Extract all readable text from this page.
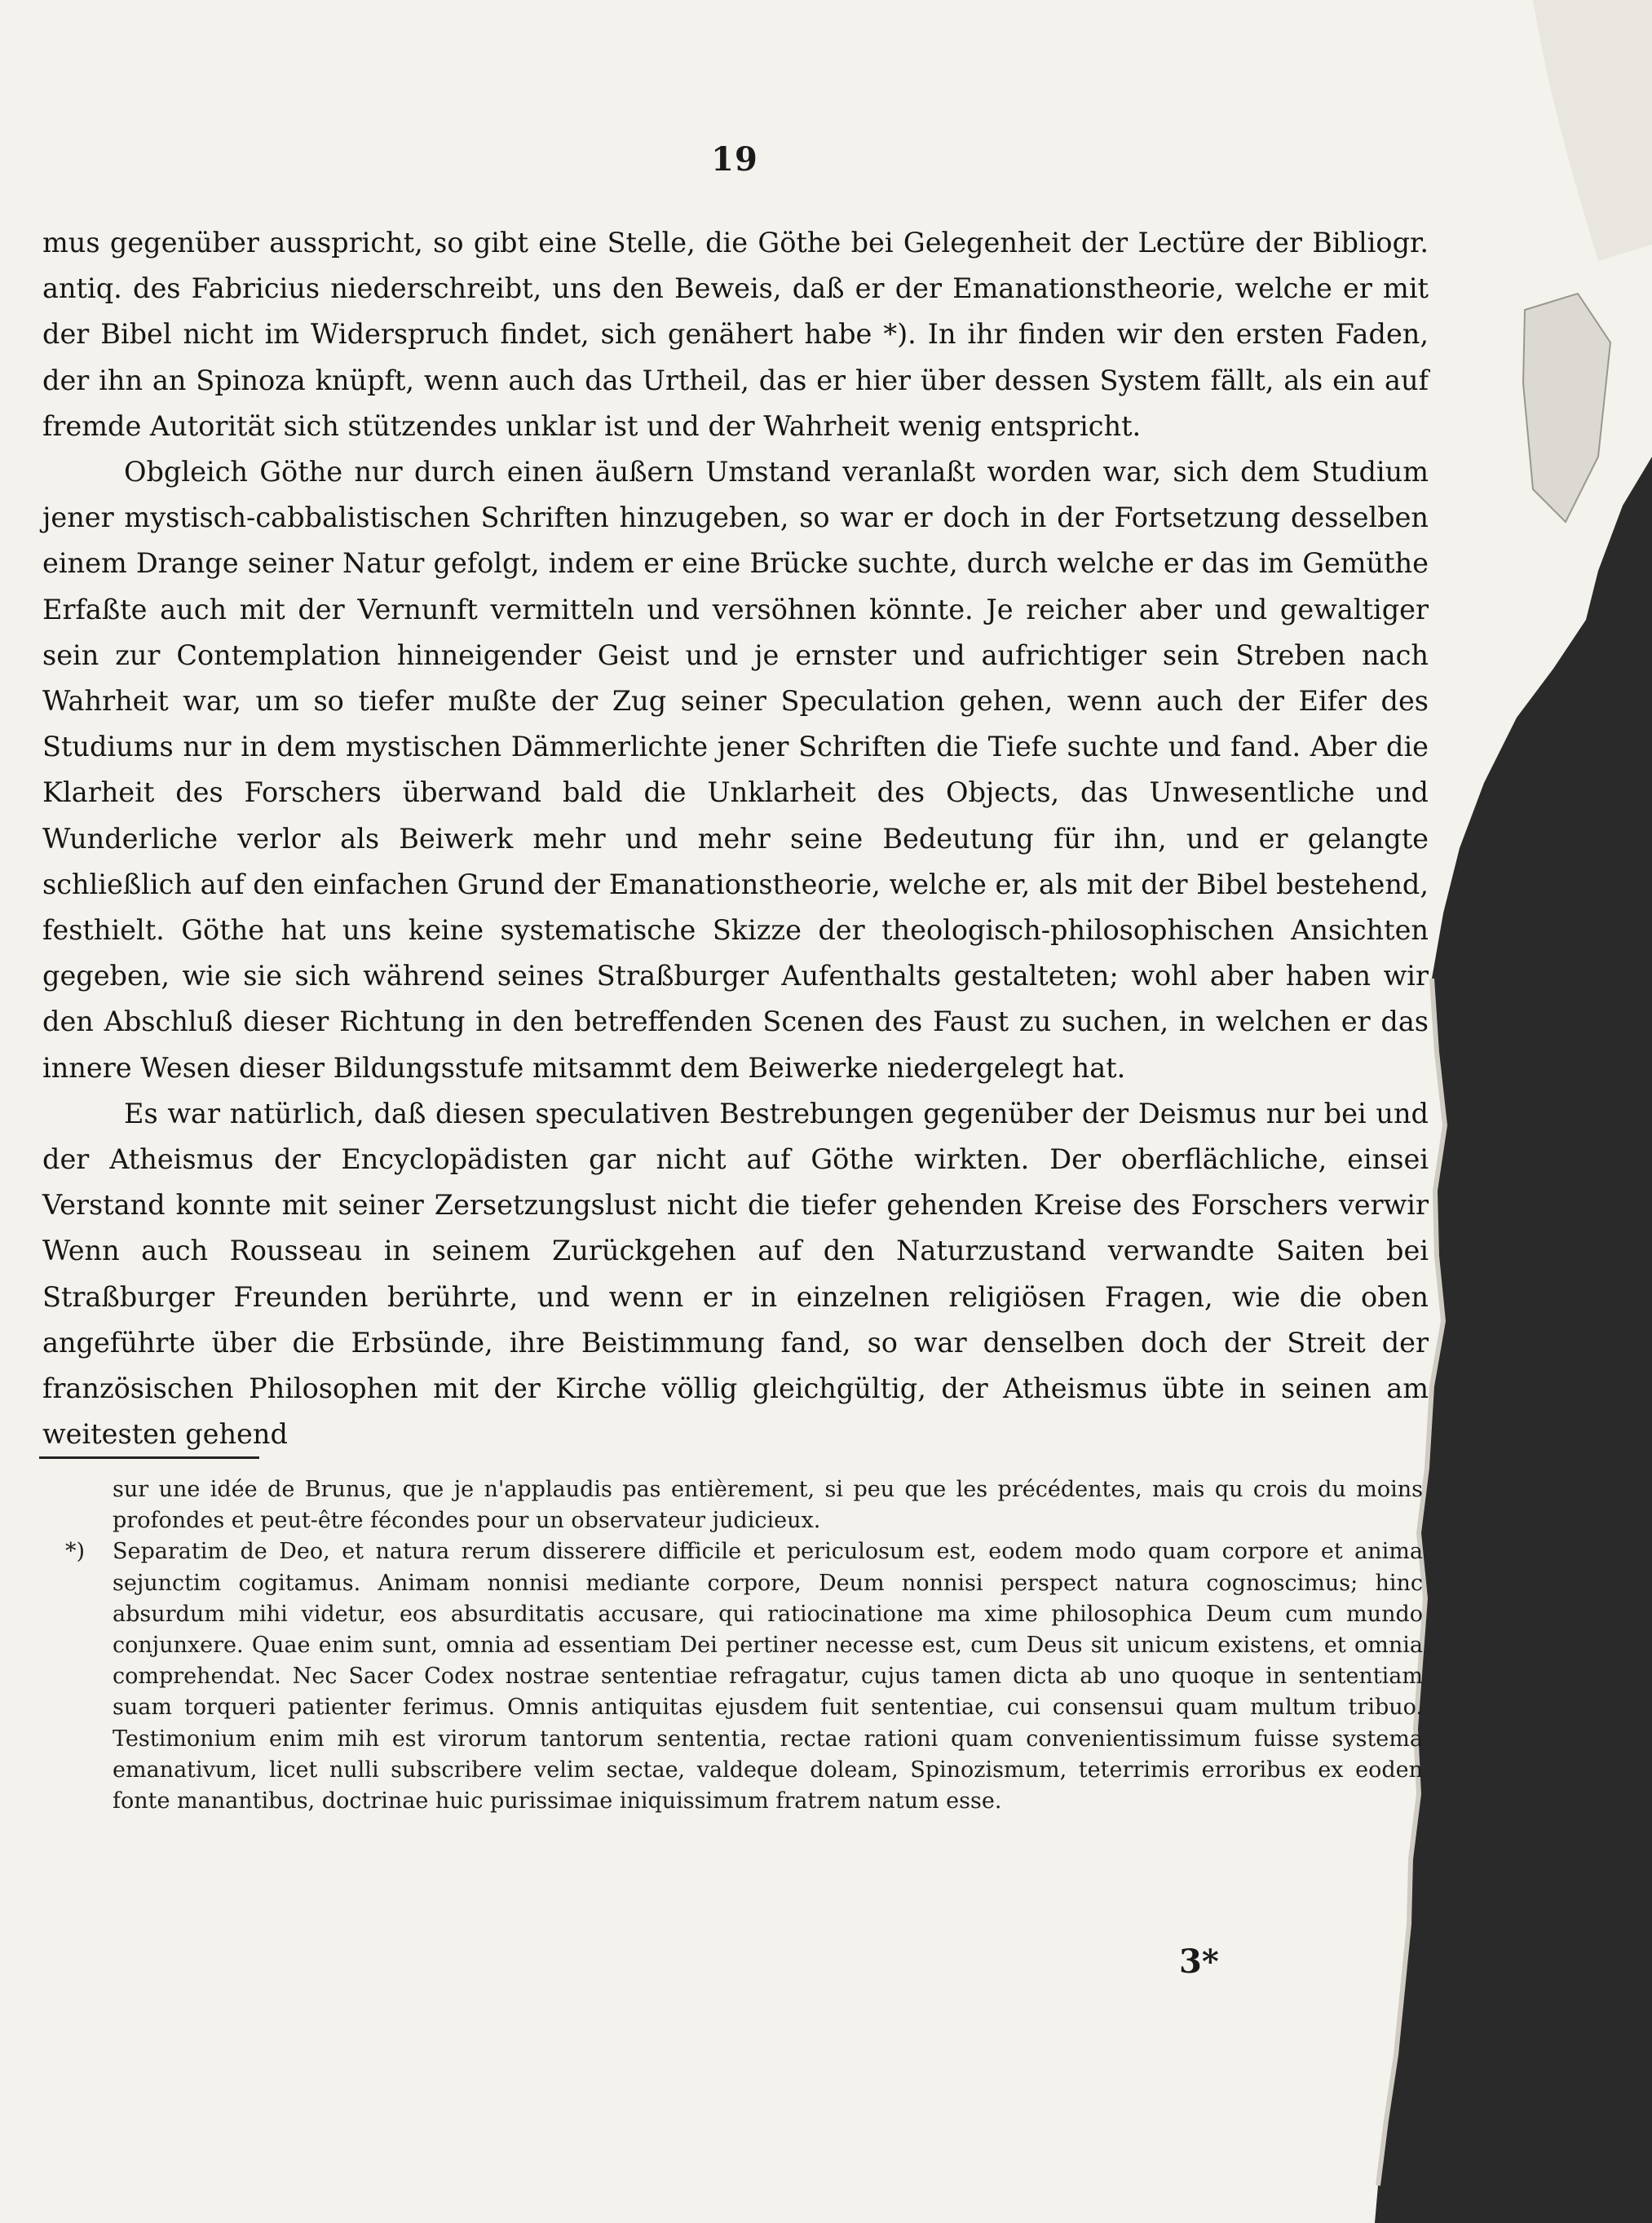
19

mus gegenüber ausspricht, so gibt eine Stelle, die Göthe bei Gelegenheit der Lectüre der Bibliogr. antiq. des Fabricius niederschreibt, uns den Beweis, daß er der Emanationstheorie, welche er mit der Bibel nicht im Widerspruch findet, sich genähert habe *). In ihr finden wir den ersten Faden, der ihn an Spinoza knüpft, wenn auch das Urtheil, das er hier über dessen System fällt, als ein auf fremde Autorität sich stützendes unklar ist und der Wahrheit wenig entspricht.

Obgleich Göthe nur durch einen äußern Umstand veranlaßt worden war, sich dem Studium jener mystisch-cabbalistischen Schriften hinzugeben, so war er doch in der Fortsetzung desselben einem Drange seiner Natur gefolgt, indem er eine Brücke suchte, durch welche er das im Gemüthe Erfaßte auch mit der Vernunft vermitteln und versöhnen könnte. Je reicher aber und gewaltiger sein zur Contemplation hinneigender Geist und je ernster und aufrichtiger sein Streben nach Wahrheit war, um so tiefer mußte der Zug seiner Speculation gehen, wenn auch der Eifer des Studiums nur in dem mystischen Dämmerlichte jener Schriften die Tiefe suchte und fand. Aber die Klarheit des Forschers überwand bald die Unklarheit des Objects, das Unwesentliche und Wunderliche verlor als Beiwerk mehr und mehr seine Bedeutung für ihn, und er gelangte schließlich auf den einfachen Grund der Emanationstheorie, welche er, als mit der Bibel bestehend, festhielt. Göthe hat uns keine systematische Skizze der theologisch-philosophischen Ansichten gegeben, wie sie sich während seines Straßburger Aufenthalts gestalteten; wohl aber haben wir den Abschluß dieser Richtung in den betreffenden Scenen des Faust zu suchen, in welchen er das innere Wesen dieser Bildungsstufe mitsammt dem Beiwerke niedergelegt hat.

Es war natürlich, daß diesen speculativen Bestrebungen gegenüber der Deismus nur bei und der Atheismus der Encyclopädisten gar nicht auf Göthe wirkten. Der oberflächliche, einsei Verstand konnte mit seiner Zersetzungslust nicht die tiefer gehenden Kreise des Forschers verwir Wenn auch Rousseau in seinem Zurückgehen auf den Naturzustand verwandte Saiten bei Straßburger Freunden berührte, und wenn er in einzelnen religiösen Fragen, wie die oben angeführte über die Erbsünde, ihre Beistimmung fand, so war denselben doch der Streit der französischen Philosophen mit der Kirche völlig gleichgültig, der Atheismus übte in seinen am weitesten gehend

sur une idée de Brunus, que je n'applaudis pas entièrement, si peu que les précédentes, mais qu crois du moins profondes et peut-être fécondes pour un observateur judicieux.

*) Separatim de Deo, et natura rerum disserere difficile et periculosum est, eodem modo quam corpore et anima sejunctim cogitamus. Animam nonnisi mediante corpore, Deum nonnisi perspect natura cognoscimus; hinc absurdum mihi videtur, eos absurditatis accusare, qui ratiocinatione ma xime philosophica Deum cum mundo conjunxere. Quae enim sunt, omnia ad essentiam Dei pertiner necesse est, cum Deus sit unicum existens, et omnia comprehendat. Nec Sacer Codex nostrae sententiae refragatur, cujus tamen dicta ab uno quoque in sententiam suam torqueri patienter ferimus. Omnis antiquitas ejusdem fuit sententiae, cui consensui quam multum tribuo. Testimonium enim mih est virorum tantorum sententia, rectae rationi quam convenientissimum fuisse systema emanativum, licet nulli subscribere velim sectae, valdeque doleam, Spinozismum, teterrimis erroribus ex eoden fonte manantibus, doctrinae huic purissimae iniquissimum fratrem natum esse.

3*
